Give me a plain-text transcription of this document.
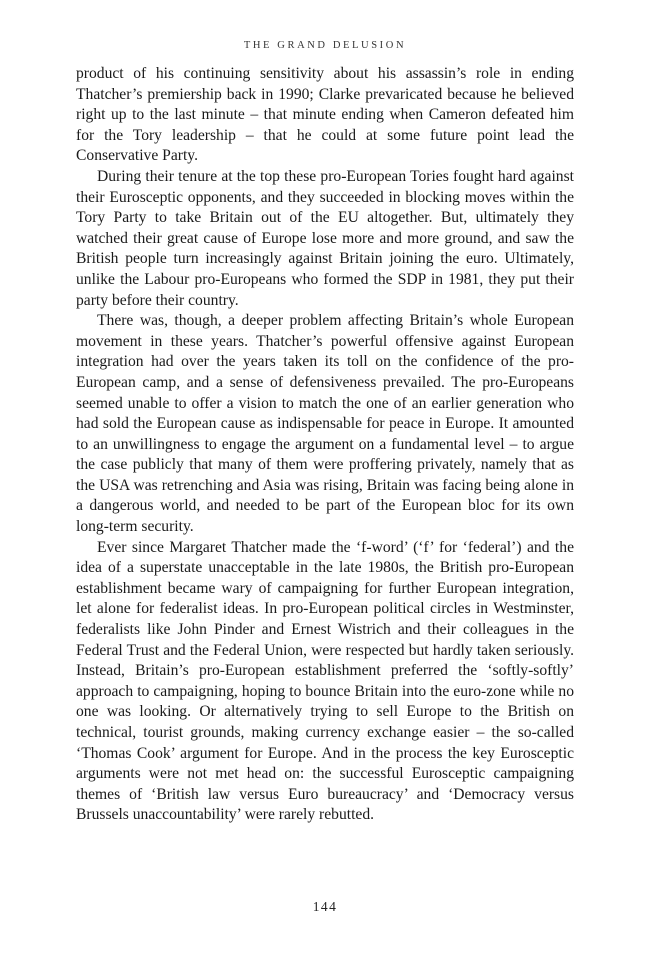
THE GRAND DELUSION

product of his continuing sensitivity about his assassin’s role in ending Thatcher’s premiership back in 1990; Clarke prevaricated because he believed right up to the last minute – that minute ending when Cameron defeated him for the Tory leadership – that he could at some future point lead the Conservative Party.

During their tenure at the top these pro-European Tories fought hard against their Eurosceptic opponents, and they succeeded in blocking moves within the Tory Party to take Britain out of the EU altogether. But, ultimately they watched their great cause of Europe lose more and more ground, and saw the British people turn increasingly against Britain joining the euro. Ultimately, unlike the Labour pro-Europeans who formed the SDP in 1981, they put their party before their country.

There was, though, a deeper problem affecting Britain’s whole European movement in these years. Thatcher’s powerful offensive against European integration had over the years taken its toll on the confidence of the pro-European camp, and a sense of defensiveness prevailed. The pro-Europeans seemed unable to offer a vision to match the one of an earlier generation who had sold the European cause as indispensable for peace in Europe. It amounted to an unwillingness to engage the argument on a fundamental level – to argue the case publicly that many of them were proffering privately, namely that as the USA was retrenching and Asia was rising, Britain was facing being alone in a dangerous world, and needed to be part of the European bloc for its own long-term security.

Ever since Margaret Thatcher made the ‘f-word’ (‘f’ for ‘federal’) and the idea of a superstate unacceptable in the late 1980s, the British pro-European establishment became wary of campaigning for further European integration, let alone for federalist ideas. In pro-European political circles in Westminster, federalists like John Pinder and Ernest Wistrich and their colleagues in the Federal Trust and the Federal Union, were respected but hardly taken seriously. Instead, Britain’s pro-European establishment preferred the ‘softly-softly’ approach to campaigning, hoping to bounce Britain into the euro-zone while no one was looking. Or alternatively trying to sell Europe to the British on technical, tourist grounds, making currency exchange easier – the so-called ‘Thomas Cook’ argument for Europe. And in the process the key Eurosceptic arguments were not met head on: the successful Eurosceptic campaigning themes of ‘British law versus Euro bureaucracy’ and ‘Democracy versus Brussels unaccountability’ were rarely rebutted.

144
